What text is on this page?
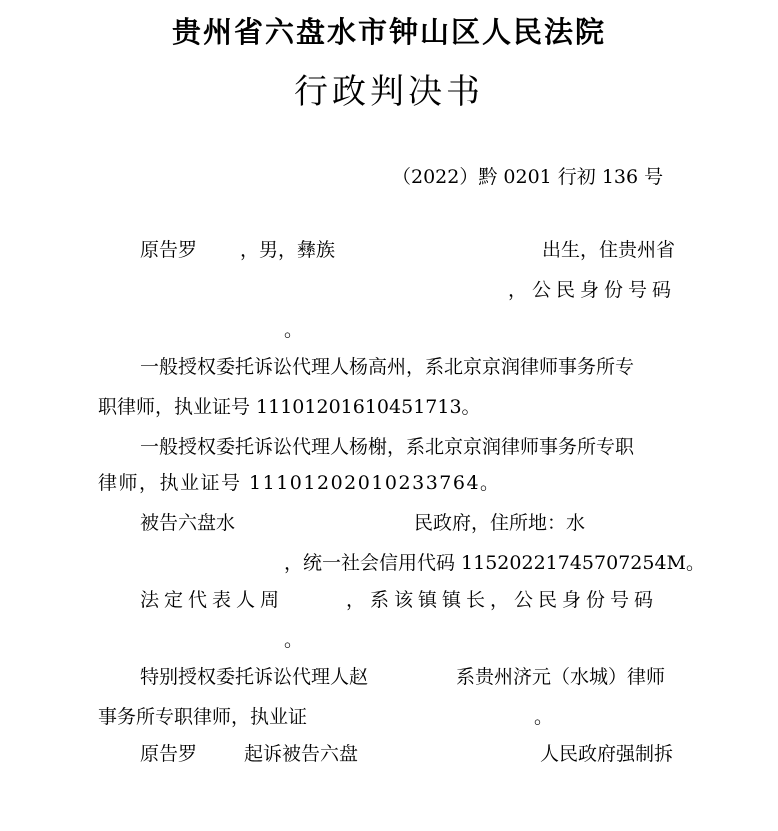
贵州省六盘水市钟山区人民法院
行政判决书
（2022）黔 0201 行初 136 号
原告罗 ，男，彝族	出生，住贵州省
，公民身份号码
。
一般授权委托诉讼代理人杨高州，系北京京润律师事务所专
职律师，执业证号 11101201610451713。
一般授权委托诉讼代理人杨榭，系北京京润律师事务所专职
律师，执业证号 11101202010233764。
被告六盘水	民政府，住所地：水
，统一社会信用代码 11520221745707254M。
法定代表人周	，系该镇镇长，公民身份号码
。
特别授权委托诉讼代理人赵	系贵州济元（水城）律师
事务所专职律师，执业证	。
原告罗 起诉被告六盘	人民政府强制拆
